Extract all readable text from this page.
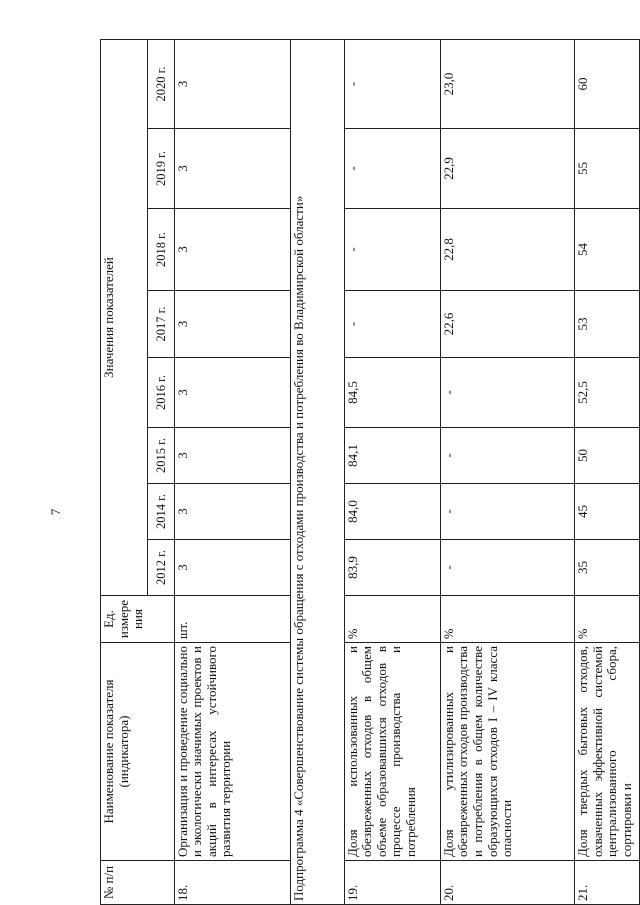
7
№ п/п	Наименование показателя (индикатора)	Ед. измере ния	Значения показателей							
			2012 г.	2014 г.	2015 г.	2016 г.	2017 г.	2018 г.	2019 г.	2020 г.
18.	Организация и проведение социально и экологически значимых проектов и акций в интересах устойчивого развития территории	шт.	3	3	3	3	3	3	3	3
Подпрограмма 4 «Совершенствование системы обращения с отходами производства и потребления во Владимирской области»										
19.	Доля использованных и обезвреженных отходов в общем объеме образовавшихся отходов в процессе производства и потребления	%	83,9	84,0	84,1	84,5	-	-	-	-
20.	Доля утилизированных и обезвреженных отходов производства и потребления в общем количестве образующихся отходов I – IV класса опасности	%	-	-	-	-	22,6	22,8	22,9	23,0
21.	Доля твердых бытовых отходов, охваченных эффективной системой централизованного сбора, сортировки и	%	35	45	50	52,5	53	54	55	60
